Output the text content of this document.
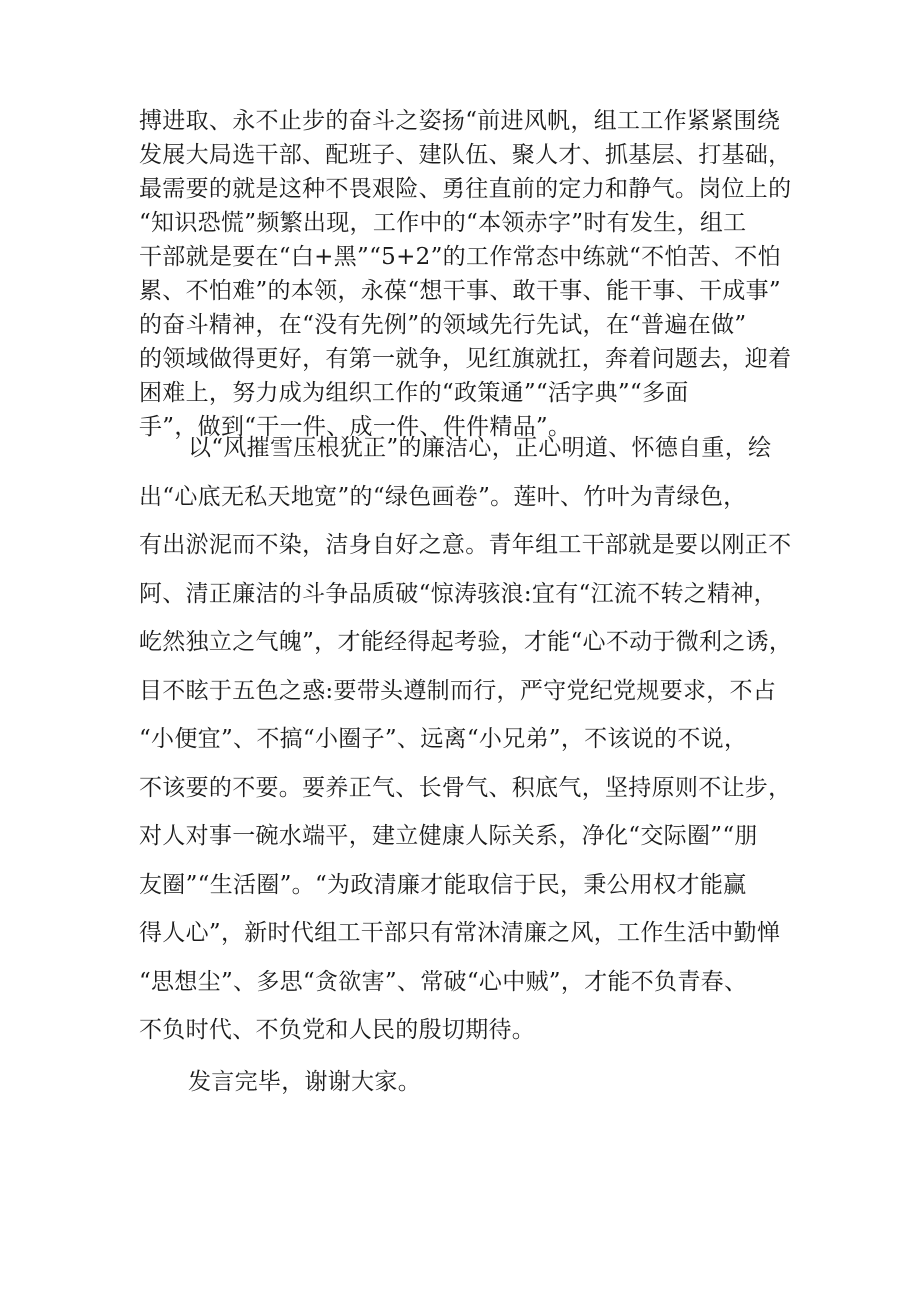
搏进取、永不止步的奋斗之姿扬“前进风帆，组工工作紧紧围绕
发展大局选干部、配班子、建队伍、聚人才、抓基层、打基础，
最需要的就是这种不畏艰险、勇往直前的定力和静气。岗位上的
“知识恐慌”频繁出现，工作中的“本领赤字”时有发生，组工
干部就是要在“白+黑”“5+2”的工作常态中练就“不怕苦、不怕
累、不怕难”的本领，永葆“想干事、敢干事、能干事、干成事”
的奋斗精神，在“没有先例”的领域先行先试，在“普遍在做”
的领域做得更好，有第一就争，见红旗就扛，奔着问题去，迎着
困难上，努力成为组织工作的“政策通”“活字典”“多面
手”，做到“干一件、成一件、件件精品”。

以“风摧雪压根犹正”的廉洁心，正心明道、怀德自重，绘
出“心底无私天地宽”的“绿色画卷”。莲叶、竹叶为青绿色，
有出淤泥而不染，洁身自好之意。青年组工干部就是要以刚正不
阿、清正廉洁的斗争品质破“惊涛骇浪:宜有“江流不转之精神，
屹然独立之气魄”，才能经得起考验，才能“心不动于微利之诱，
目不眩于五色之惑:要带头遵制而行，严守党纪党规要求，不占
“小便宜”、不搞“小圈子”、远离“小兄弟”，不该说的不说，
不该要的不要。要养正气、长骨气、积底气，坚持原则不让步，
对人对事一碗水端平，建立健康人际关系，净化“交际圈”“朋
友圈”“生活圈”。“为政清廉才能取信于民，秉公用权才能赢
得人心”，新时代组工干部只有常沐清廉之风，工作生活中勤惮
“思想尘”、多思“贪欲害”、常破“心中贼”，才能不负青春、
不负时代、不负党和人民的殷切期待。

发言完毕，谢谢大家。
